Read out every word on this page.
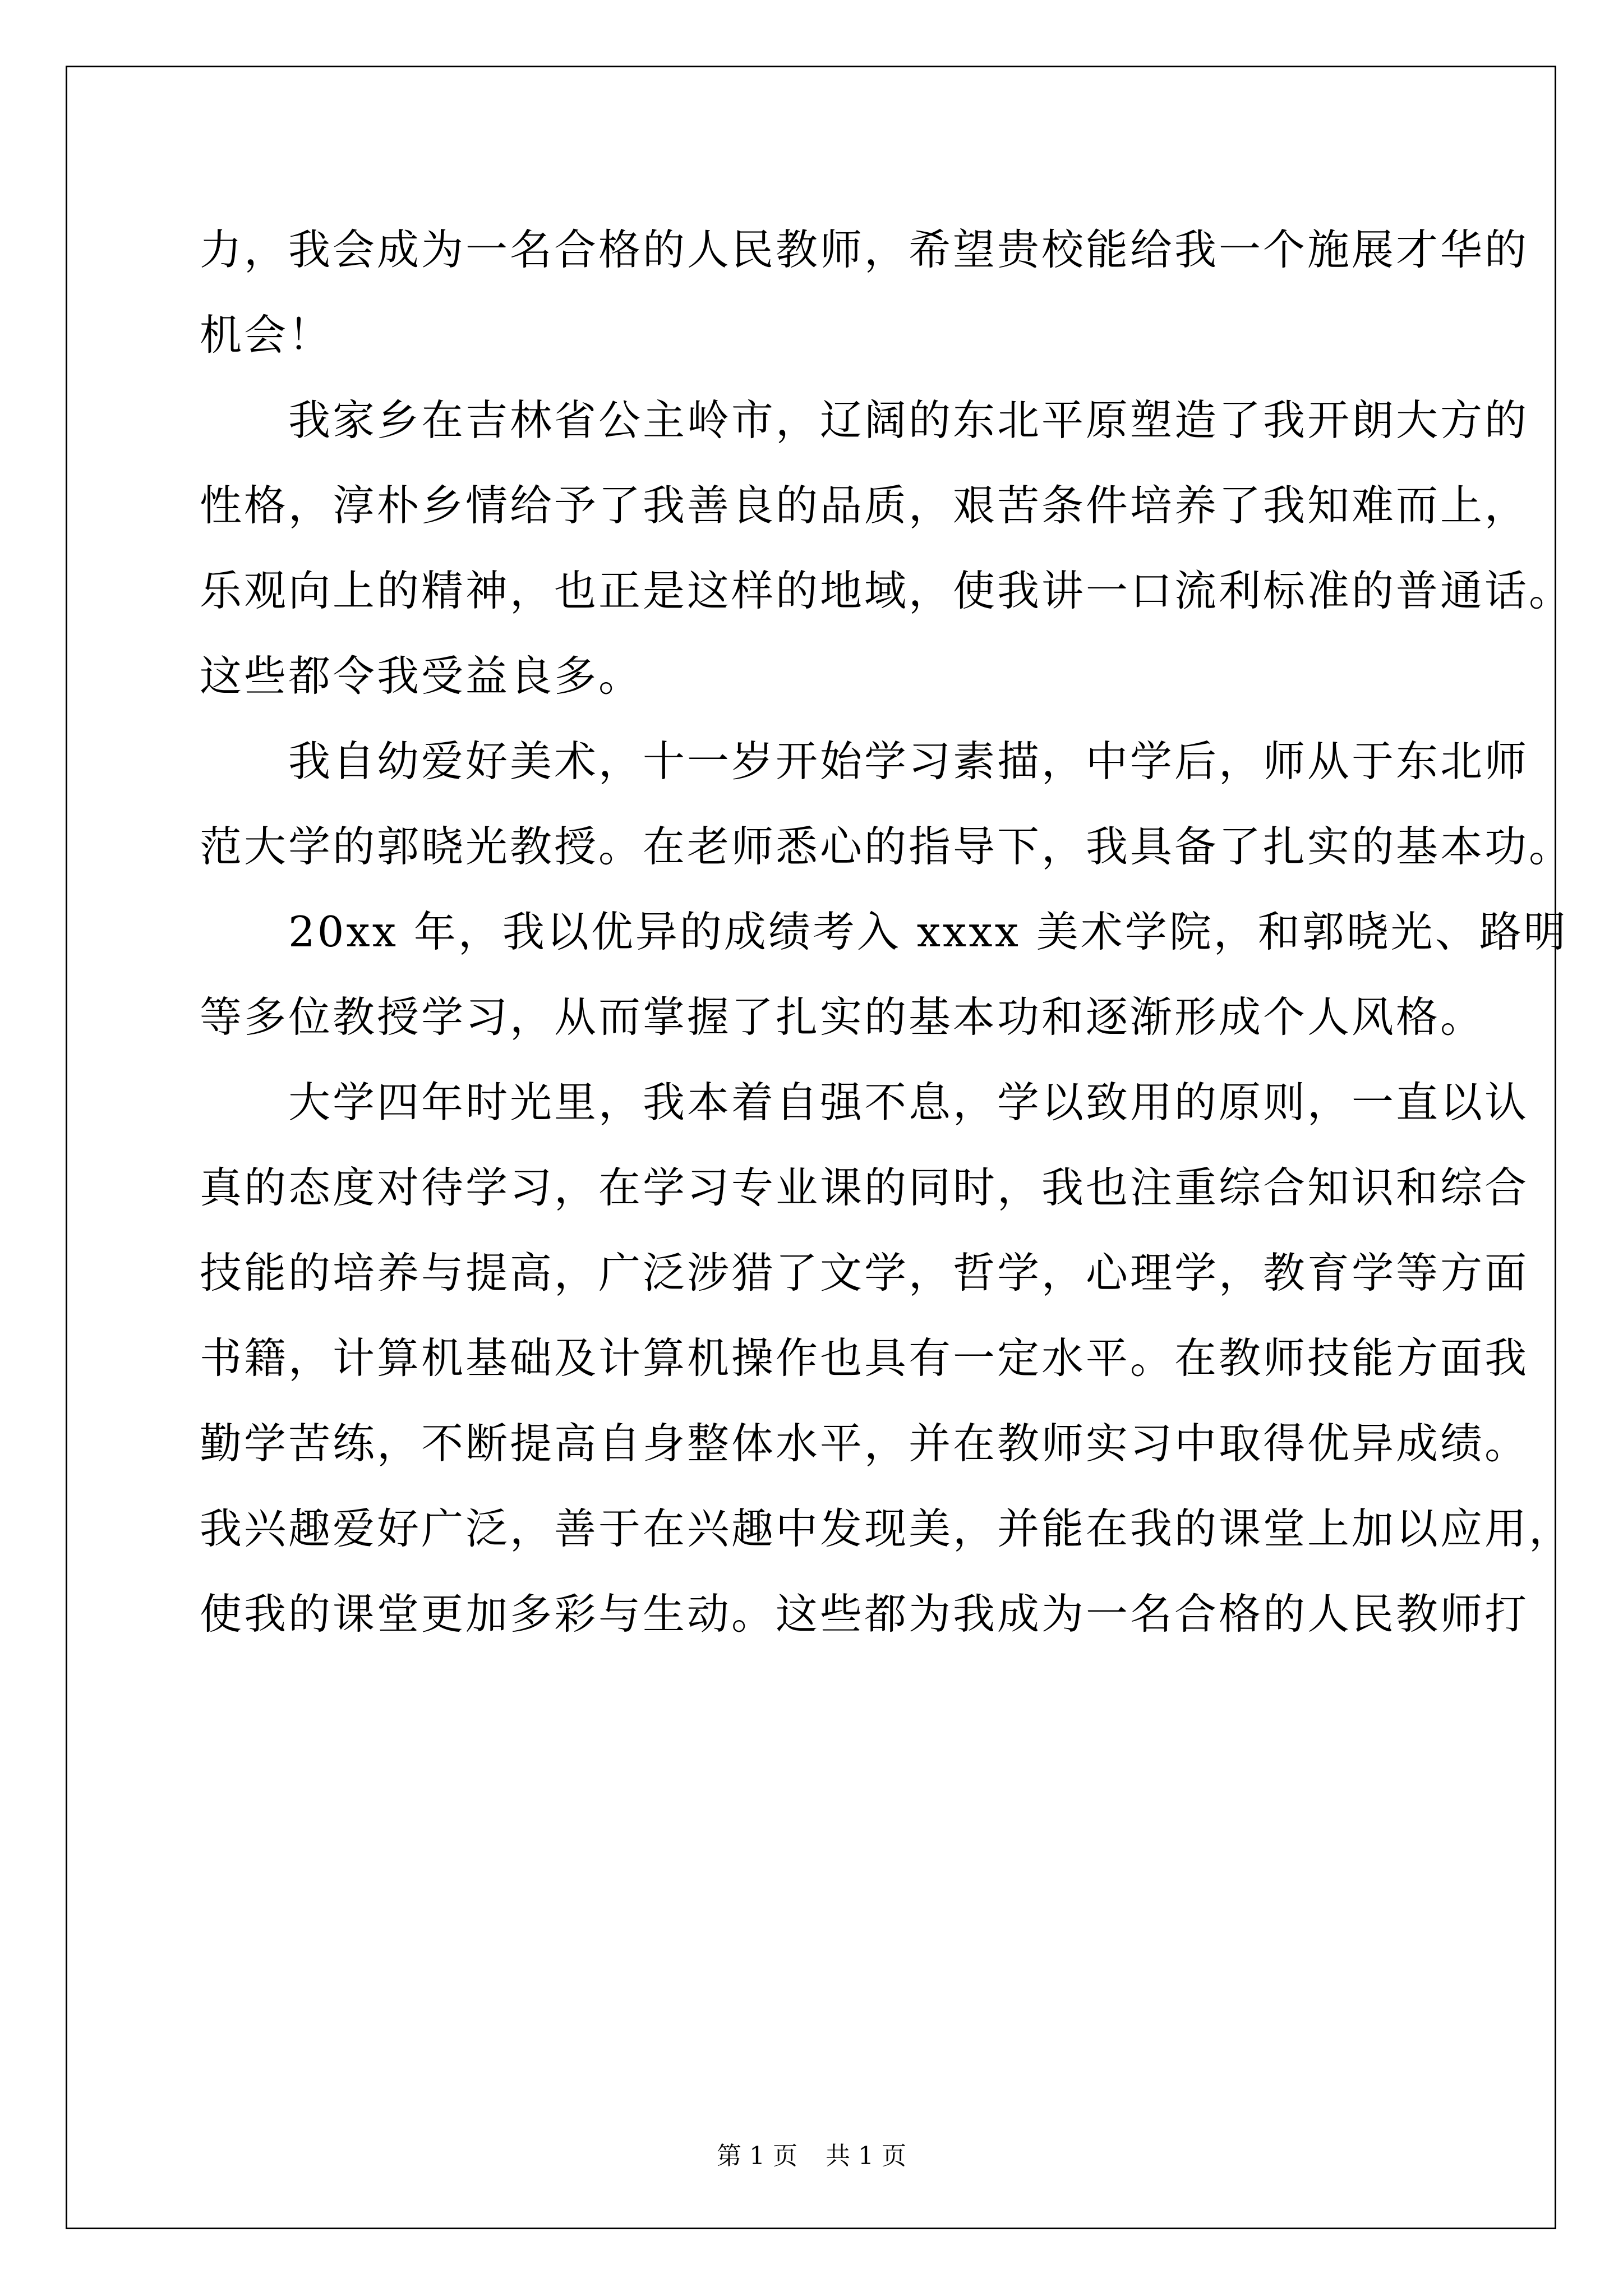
力，我会成为一名合格的人民教师，希望贵校能给我一个施展才华的
机会！
　　我家乡在吉林省公主岭市，辽阔的东北平原塑造了我开朗大方的
性格，淳朴乡情给予了我善良的品质，艰苦条件培养了我知难而上，
乐观向上的精神，也正是这样的地域，使我讲一口流利标准的普通话。
这些都令我受益良多。
　　我自幼爱好美术，十一岁开始学习素描，中学后，师从于东北师
范大学的郭晓光教授。在老师悉心的指导下，我具备了扎实的基本功。
　　20xx 年，我以优异的成绩考入 xxxx 美术学院，和郭晓光、路明
等多位教授学习，从而掌握了扎实的基本功和逐渐形成个人风格。
　　大学四年时光里，我本着自强不息，学以致用的原则，一直以认
真的态度对待学习，在学习专业课的同时，我也注重综合知识和综合
技能的培养与提高，广泛涉猎了文学，哲学，心理学，教育学等方面
书籍，计算机基础及计算机操作也具有一定水平。在教师技能方面我
勤学苦练，不断提高自身整体水平，并在教师实习中取得优异成绩。
我兴趣爱好广泛，善于在兴趣中发现美，并能在我的课堂上加以应用，
使我的课堂更加多彩与生动。这些都为我成为一名合格的人民教师打
第 1 页 共 1 页
